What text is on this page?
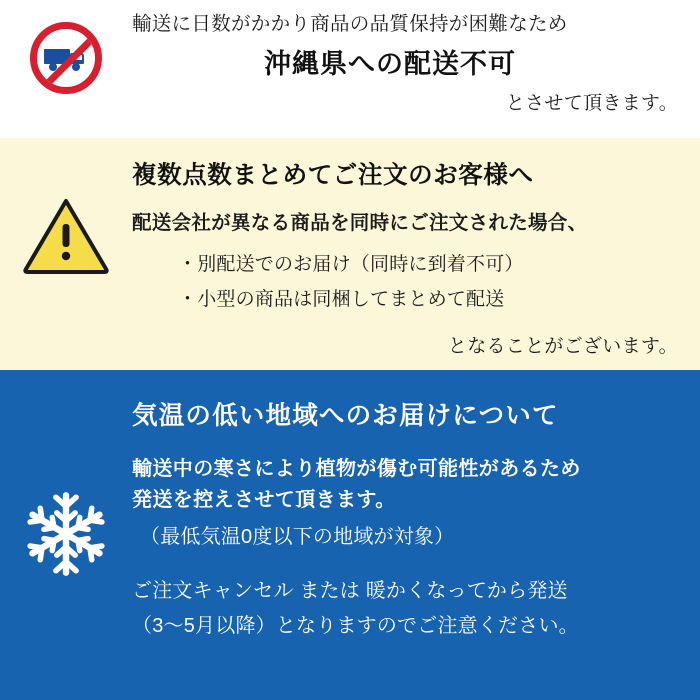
輸送に日数がかかり商品の品質保持が困難なため
沖縄県への配送不可
とさせて頂きます。
複数点数まとめてご注文のお客様へ
配送会社が異なる商品を同時にご注文された場合、
・別配送でのお届け（同時に到着不可）
・小型の商品は同梱してまとめて配送
となることがございます。
気温の低い地域へのお届けについて
輸送中の寒さにより植物が傷む可能性があるため
発送を控えさせて頂きます。
（最低気温0度以下の地域が対象）
ご注文キャンセル または 暖かくなってから発送
（3〜5月以降）となりますのでご注意ください。
